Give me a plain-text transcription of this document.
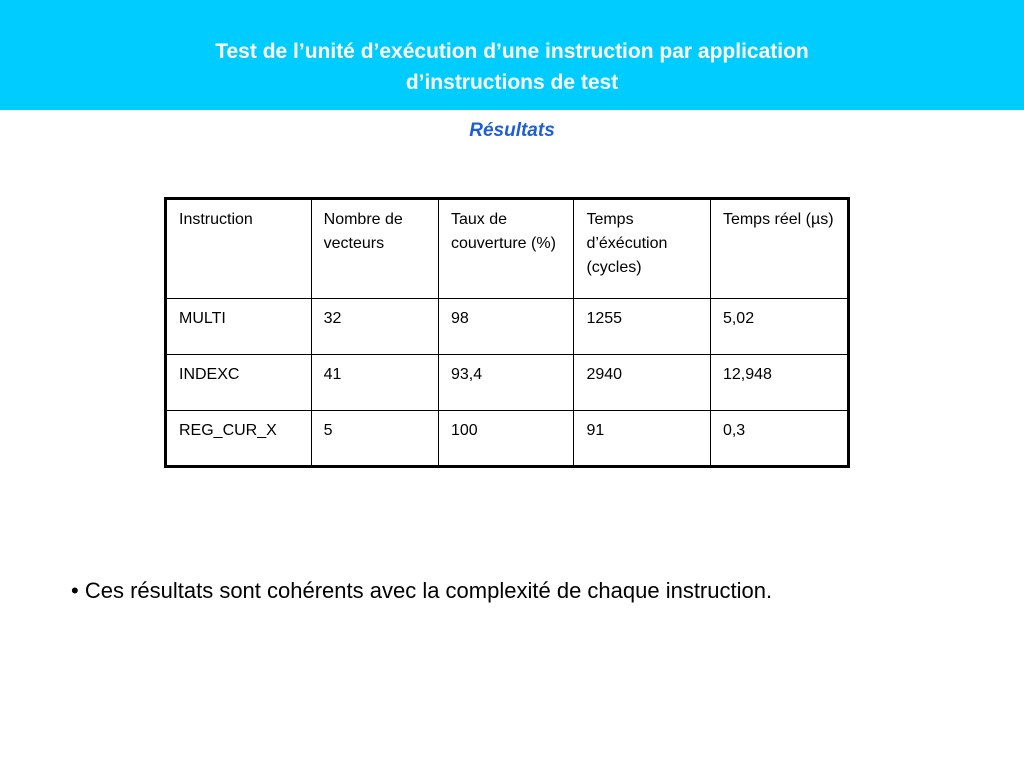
Test de l’unité d’exécution d’une instruction par application
d’instructions de test
Résultats
Instruction	Nombre de vecteurs	Taux de couverture (%)	Temps d’éxécution (cycles)	Temps réel (µs)
MULTI	32	98	1255	5,02
INDEXC	41	93,4	2940	12,948
REG_CUR_X	5	100	91	0,3

• Ces résultats sont cohérents avec la complexité de chaque instruction.
